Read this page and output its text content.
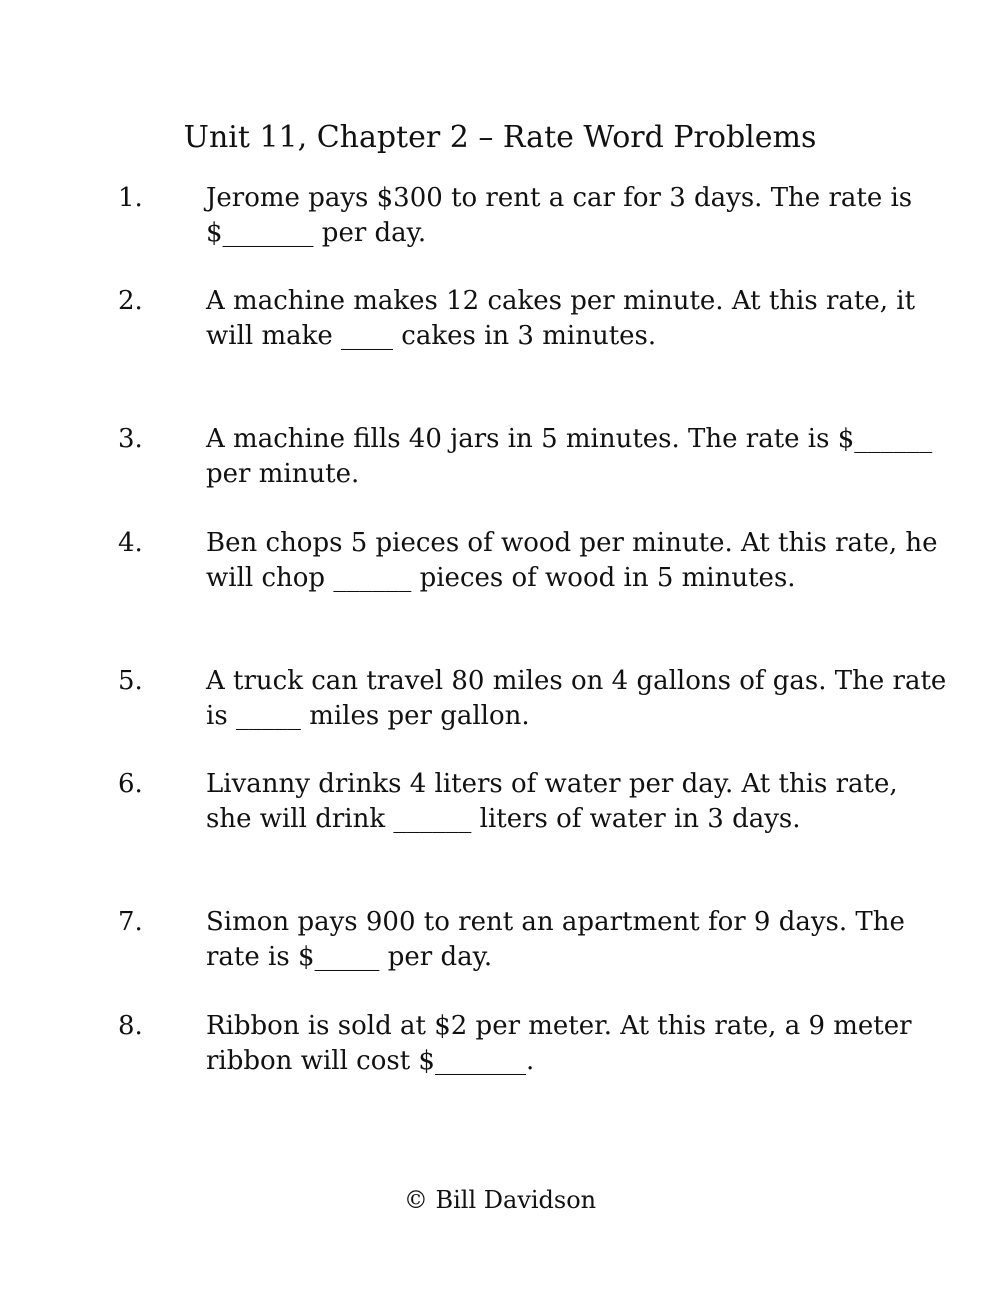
Unit 11, Chapter 2 – Rate Word Problems
1. Jerome pays $300 to rent a car for 3 days. The rate is
$_______ per day.
2. A machine makes 12 cakes per minute. At this rate, it
will make ____ cakes in 3 minutes.
3. A machine fills 40 jars in 5 minutes. The rate is $______
per minute.
4. Ben chops 5 pieces of wood per minute. At this rate, he
will chop ______ pieces of wood in 5 minutes.
5. A truck can travel 80 miles on 4 gallons of gas. The rate
is _____ miles per gallon.
6. Livanny drinks 4 liters of water per day. At this rate,
she will drink ______ liters of water in 3 days.
7. Simon pays 900 to rent an apartment for 9 days. The
rate is $_____ per day.
8. Ribbon is sold at $2 per meter. At this rate, a 9 meter
ribbon will cost $_______.
© Bill Davidson
